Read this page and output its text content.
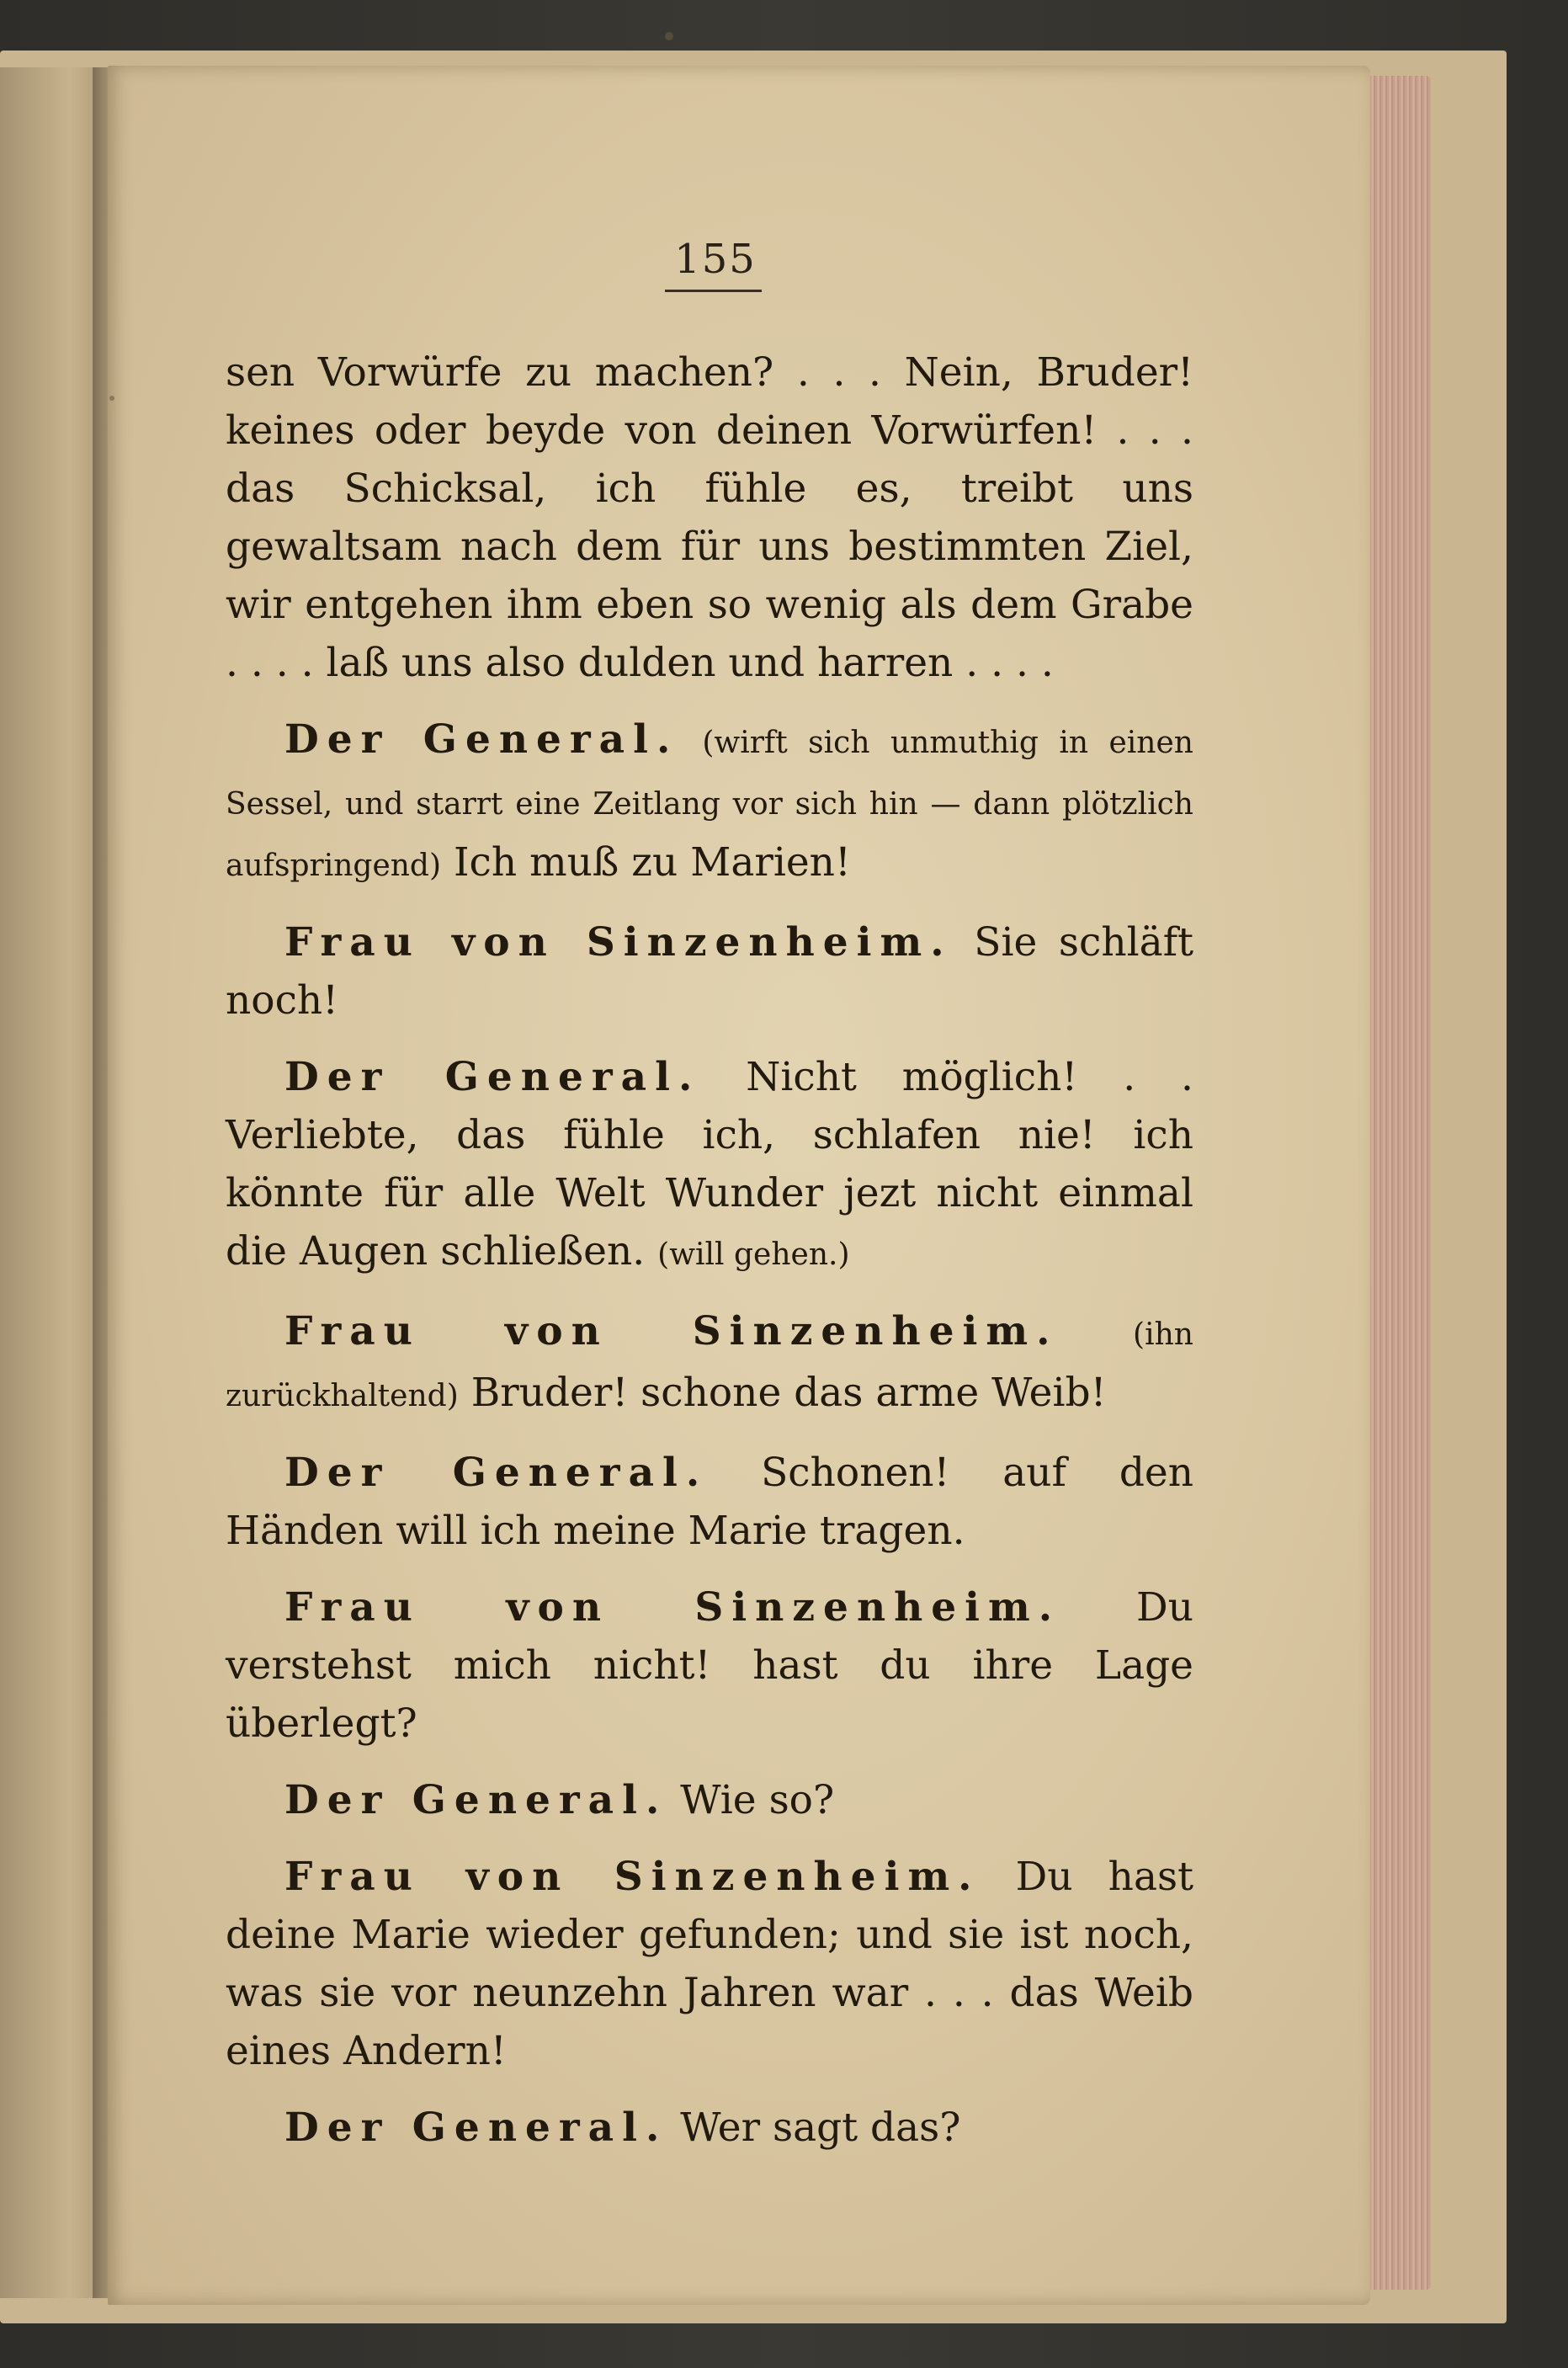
155

sen Vorwürfe zu machen? . . . Nein, Bruder! keines oder beyde von deinen Vorwürfen! . . . das Schicksal, ich fühle es, treibt uns gewaltsam nach dem für uns bestimmten Ziel, wir entgehen ihm eben so wenig als dem Grabe . . . . laß uns also dulden und harren . . . .

Der General. (wirft sich unmuthig in einen Sessel, und starrt eine Zeitlang vor sich hin — dann plötzlich aufspringend) Ich muß zu Marien!

Frau von Sinzenheim. Sie schläft noch!

Der General. Nicht möglich! . . Verliebte, das fühle ich, schlafen nie! ich könnte für alle Welt Wunder jezt nicht einmal die Augen schließen. (will gehen.)

Frau von Sinzenheim. (ihn zurückhaltend) Bruder! schone das arme Weib!

Der General. Schonen! auf den Händen will ich meine Marie tragen.

Frau von Sinzenheim. Du verstehst mich nicht! hast du ihre Lage überlegt?

Der General. Wie so?

Frau von Sinzenheim. Du hast deine Marie wieder gefunden; und sie ist noch, was sie vor neunzehn Jahren war . . . das Weib eines Andern!

Der General. Wer sagt das?
